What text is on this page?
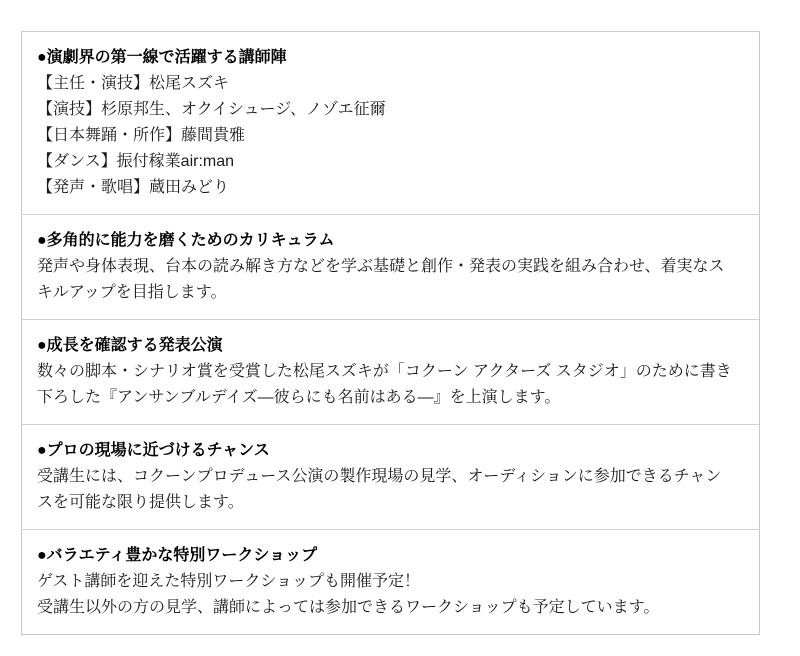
●演劇界の第一線で活躍する講師陣
【主任・演技】松尾スズキ
【演技】杉原邦生、オクイシュージ、ノゾエ征爾
【日本舞踊・所作】藤間貴雅
【ダンス】振付稼業air:man
【発声・歌唱】蔵田みどり
●多角的に能力を磨くためのカリキュラム
発声や身体表現、台本の読み解き方などを学ぶ基礎と創作・発表の実践を組み合わせ、着実なス
キルアップを目指します。
●成長を確認する発表公演
数々の脚本・シナリオ賞を受賞した松尾スズキが「コクーン アクターズ スタジオ」のために書き
下ろした『アンサンブルデイズ—彼らにも名前はある—』を上演します。
●プロの現場に近づけるチャンス
受講生には、コクーンプロデュース公演の製作現場の見学、オーディションに参加できるチャン
スを可能な限り提供します。
●バラエティ豊かな特別ワークショップ
ゲスト講師を迎えた特別ワークショップも開催予定！
受講生以外の方の見学、講師によっては参加できるワークショップも予定しています。
